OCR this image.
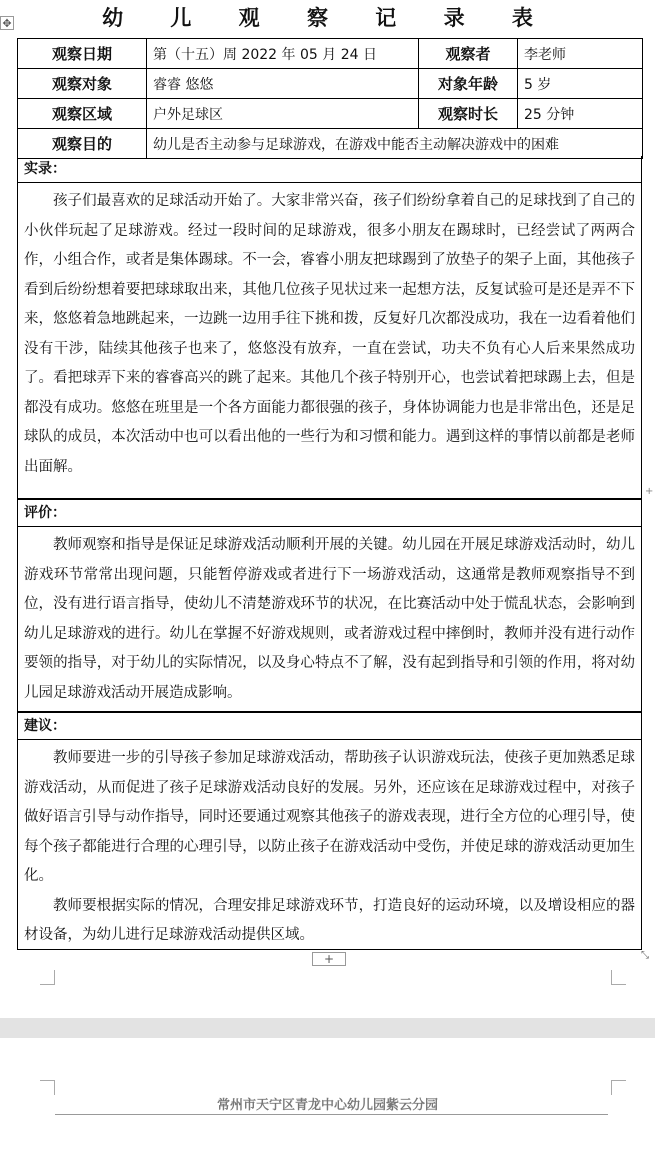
✥	幼 儿 观 察 记 录 表
观察日期	第（十五）周 2022 年 05 月 24 日	观察者	李老师
观察对象	睿睿 悠悠	对象年龄	5 岁
观察区域	户外足球区	观察时长	25 分钟
观察目的	幼儿是否主动参与足球游戏，在游戏中能否主动解决游戏中的困难		
实录：

孩子们最喜欢的足球活动开始了。大家非常兴奋，孩子们纷纷拿着自己的足球找到了自己的小伙伴玩起了足球游戏。经过一段时间的足球游戏，很多小朋友在踢球时，已经尝试了两两合作，小组合作，或者是集体踢球。不一会，睿睿小朋友把球踢到了放垫子的架子上面，其他孩子看到后纷纷想着要把球球取出来，其他几位孩子见状过来一起想方法，反复试验可是还是弄不下来，悠悠着急地跳起来，一边跳一边用手往下挑和拨，反复好几次都没成功，我在一边看着他们没有干涉，陆续其他孩子也来了，悠悠没有放弃，一直在尝试，功夫不负有心人后来果然成功了。看把球弄下来的睿睿高兴的跳了起来。其他几个孩子特别开心，也尝试着把球踢上去，但是都没有成功。悠悠在班里是一个各方面能力都很强的孩子，身体协调能力也是非常出色，还是足球队的成员，本次活动中也可以看出他的一些行为和习惯和能力。遇到这样的事情以前都是老师出面解。

评价：

教师观察和指导是保证足球游戏活动顺利开展的关键。幼儿园在开展足球游戏活动时，幼儿游戏环节常常出现问题，只能暂停游戏或者进行下一场游戏活动，这通常是教师观察指导不到位，没有进行语言指导，使幼儿不清楚游戏环节的状况，在比赛活动中处于慌乱状态，会影响到幼儿足球游戏的进行。幼儿在掌握不好游戏规则，或者游戏过程中摔倒时，教师并没有进行动作要领的指导，对于幼儿的实际情况，以及身心特点不了解，没有起到指导和引领的作用，将对幼儿园足球游戏活动开展造成影响。

建议：

教师要进一步的引导孩子参加足球游戏活动，帮助孩子认识游戏玩法，使孩子更加熟悉足球游戏活动，从而促进了孩子足球游戏活动良好的发展。另外，还应该在足球游戏过程中，对孩子做好语言引导与动作指导，同时还要通过观察其他孩子的游戏表现，进行全方位的心理引导，使每个孩子都能进行合理的心理引导，以防止孩子在游戏活动中受伤，并使足球的游戏活动更加生化。

教师要根据实际的情况，合理安排足球游戏环节，打造良好的运动环境，以及增设相应的器材设备，为幼儿进行足球游戏活动提供区域。

+	⤡
+
常州市天宁区青龙中心幼儿园紫云分园
